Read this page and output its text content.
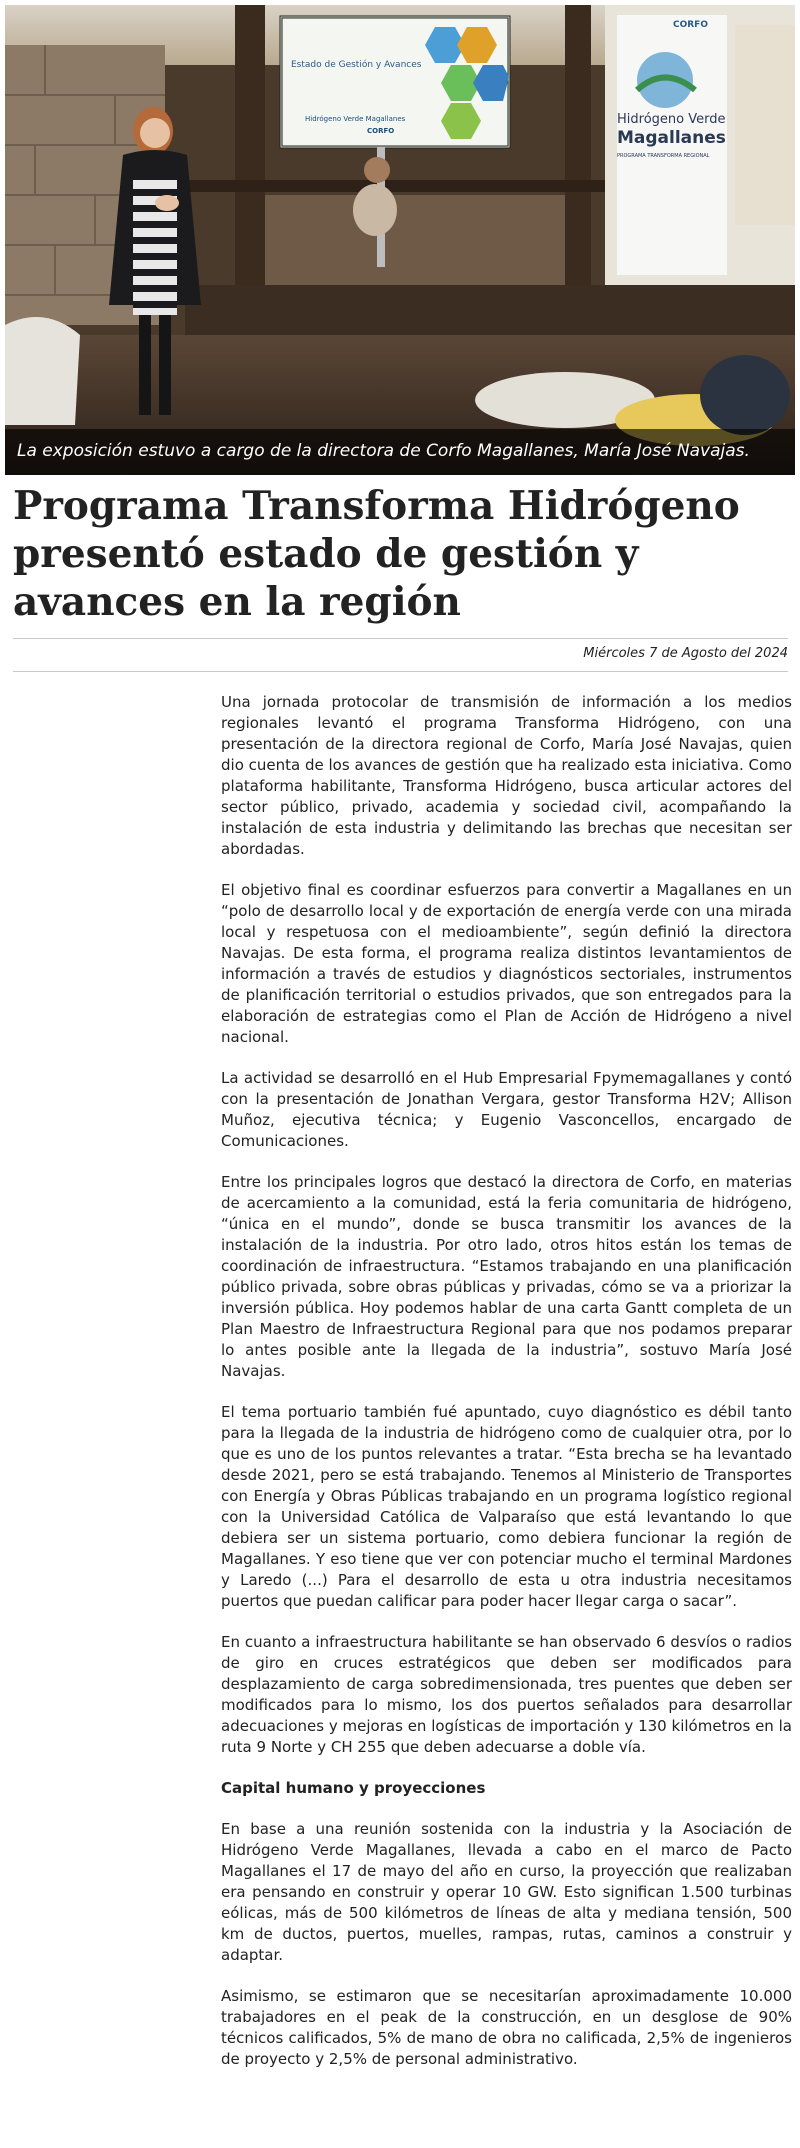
Estado de Gestión y Avances
Hidrógeno Verde Magallanes
CORFO
Hidrógeno Verde
Magallanes
PROGRAMA TRANSFORMA REGIONAL
CORFO
La exposición estuvo a cargo de la directora de Corfo Magallanes, María José Navajas.
Programa Transforma Hidrógeno presentó estado de gestión y avances en la región
Miércoles 7 de Agosto del 2024

Una jornada protocolar de transmisión de información a los medios regionales levantó el programa Transforma Hidrógeno, con una presentación de la directora regional de Corfo, María José Navajas, quien dio cuenta de los avances de gestión que ha realizado esta iniciativa. Como plataforma habilitante, Transforma Hidrógeno, busca articular actores del sector público, privado, academia y sociedad civil, acompañando la instalación de esta industria y delimitando las brechas que necesitan ser abordadas.

El objetivo final es coordinar esfuerzos para convertir a Magallanes en un “polo de desarrollo local y de exportación de energía verde con una mirada local y respetuosa con el medioambiente”, según definió la directora Navajas. De esta forma, el programa realiza distintos levantamientos de información a través de estudios y diagnósticos sectoriales, instrumentos de planificación territorial o estudios privados, que son entregados para la elaboración de estrategias como el Plan de Acción de Hidrógeno a nivel nacional.

La actividad se desarrolló en el Hub Empresarial Fpymemagallanes y contó con la presentación de Jonathan Vergara, gestor Transforma H2V; Allison Muñoz, ejecutiva técnica; y Eugenio Vasconcellos, encargado de Comunicaciones.

Entre los principales logros que destacó la directora de Corfo, en materias de acercamiento a la comunidad, está la feria comunitaria de hidrógeno, “única en el mundo”, donde se busca transmitir los avances de la instalación de la industria. Por otro lado, otros hitos están los temas de coordinación de infraestructura. “Estamos trabajando en una planificación público privada, sobre obras públicas y privadas, cómo se va a priorizar la inversión pública. Hoy podemos hablar de una carta Gantt completa de un Plan Maestro de Infraestructura Regional para que nos podamos preparar lo antes posible ante la llegada de la industria”, sostuvo María José Navajas.

El tema portuario también fué apuntado, cuyo diagnóstico es débil tanto para la llegada de la industria de hidrógeno como de cualquier otra, por lo que es uno de los puntos relevantes a tratar. “Esta brecha se ha levantado desde 2021, pero se está trabajando. Tenemos al Ministerio de Transportes con Energía y Obras Públicas trabajando en un programa logístico regional con la Universidad Católica de Valparaíso que está levantando lo que debiera ser un sistema portuario, como debiera funcionar la región de Magallanes. Y eso tiene que ver con potenciar mucho el terminal Mardones y Laredo (...) Para el desarrollo de esta u otra industria necesitamos puertos que puedan calificar para poder hacer llegar carga o sacar”.

En cuanto a infraestructura habilitante se han observado 6 desvíos o radios de giro en cruces estratégicos que deben ser modificados para desplazamiento de carga sobredimensionada, tres puentes que deben ser modificados para lo mismo, los dos puertos señalados para desarrollar adecuaciones y mejoras en logísticas de importación y 130 kilómetros en la ruta 9 Norte y CH 255 que deben adecuarse a doble vía.

Capital humano y proyecciones

En base a una reunión sostenida con la industria y la Asociación de Hidrógeno Verde Magallanes, llevada a cabo en el marco de Pacto Magallanes el 17 de mayo del año en curso, la proyección que realizaban era pensando en construir y operar 10 GW. Esto significan 1.500 turbinas eólicas, más de 500 kilómetros de líneas de alta y mediana tensión, 500 km de ductos, puertos, muelles, rampas, rutas, caminos a construir y adaptar.

Asimismo, se estimaron que se necesitarían aproximadamente 10.000 trabajadores en el peak de la construcción, en un desglose de 90% técnicos calificados, 5% de mano de obra no calificada, 2,5% de ingenieros de proyecto y 2,5% de personal administrativo.
